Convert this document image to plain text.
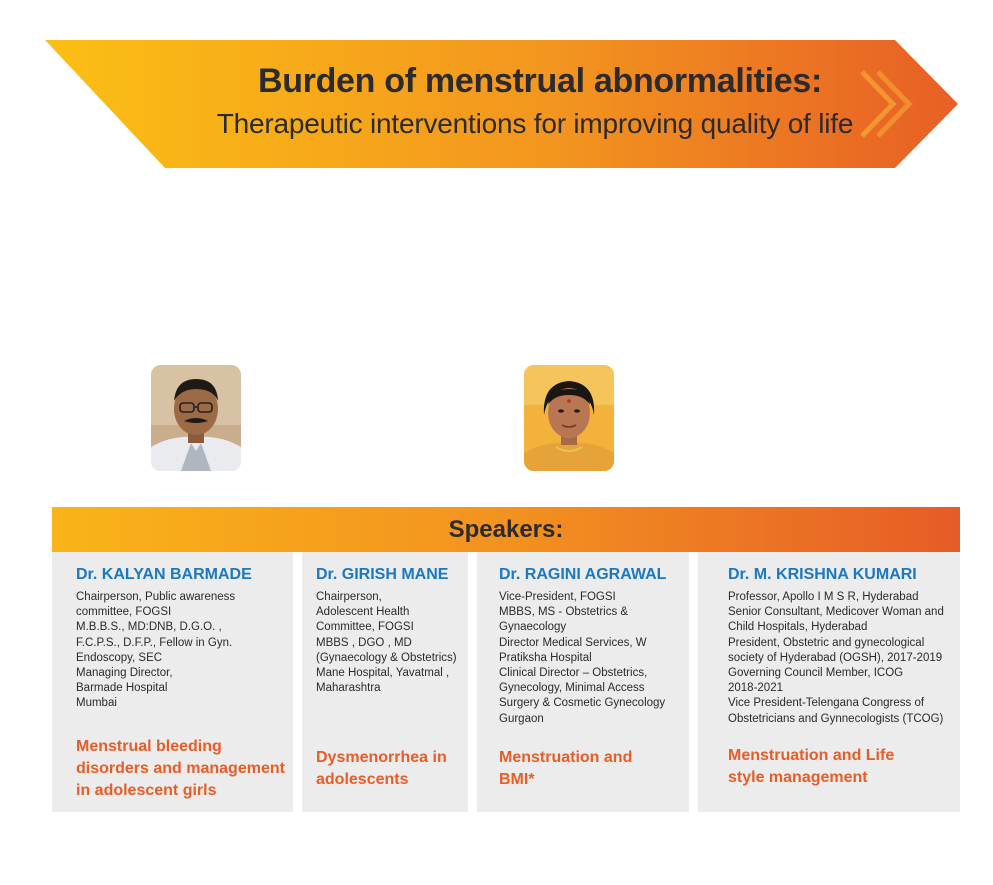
Burden of menstrual abnormalities:
Therapeutic interventions for improving quality of life
Speakers:
Dr. KALYAN BARMADE
Chairperson, Public awareness
committee, FOGSI
M.B.B.S., MD:DNB, D.G.O. ,
F.C.P.S., D.F.P., Fellow in Gyn.
Endoscopy, SEC
Managing Director,
Barmade Hospital
Mumbai
Menstrual bleeding
disorders and management
in adolescent girls
Dr. GIRISH MANE
Chairperson,
Adolescent Health
Committee, FOGSI
MBBS , DGO , MD
(Gynaecology & Obstetrics)
Mane Hospital, Yavatmal ,
Maharashtra
Dysmenorrhea in
adolescents
Dr. RAGINI AGRAWAL
Vice-President, FOGSI
MBBS, MS - Obstetrics &
Gynaecology
Director Medical Services, W
Pratiksha Hospital
Clinical Director – Obstetrics,
Gynecology, Minimal Access
Surgery & Cosmetic Gynecology
Gurgaon
Menstruation and
BMI*
Dr. M. KRISHNA KUMARI
Professor, Apollo I M S R, Hyderabad
Senior Consultant, Medicover Woman and
Child Hospitals, Hyderabad
President, Obstetric and gynecological
society of Hyderabad (OGSH), 2017-2019
Governing Council Member, ICOG
2018-2021
Vice President-Telengana Congress of
Obstetricians and Gynnecologists (TCOG)
Menstruation and Life
style management
